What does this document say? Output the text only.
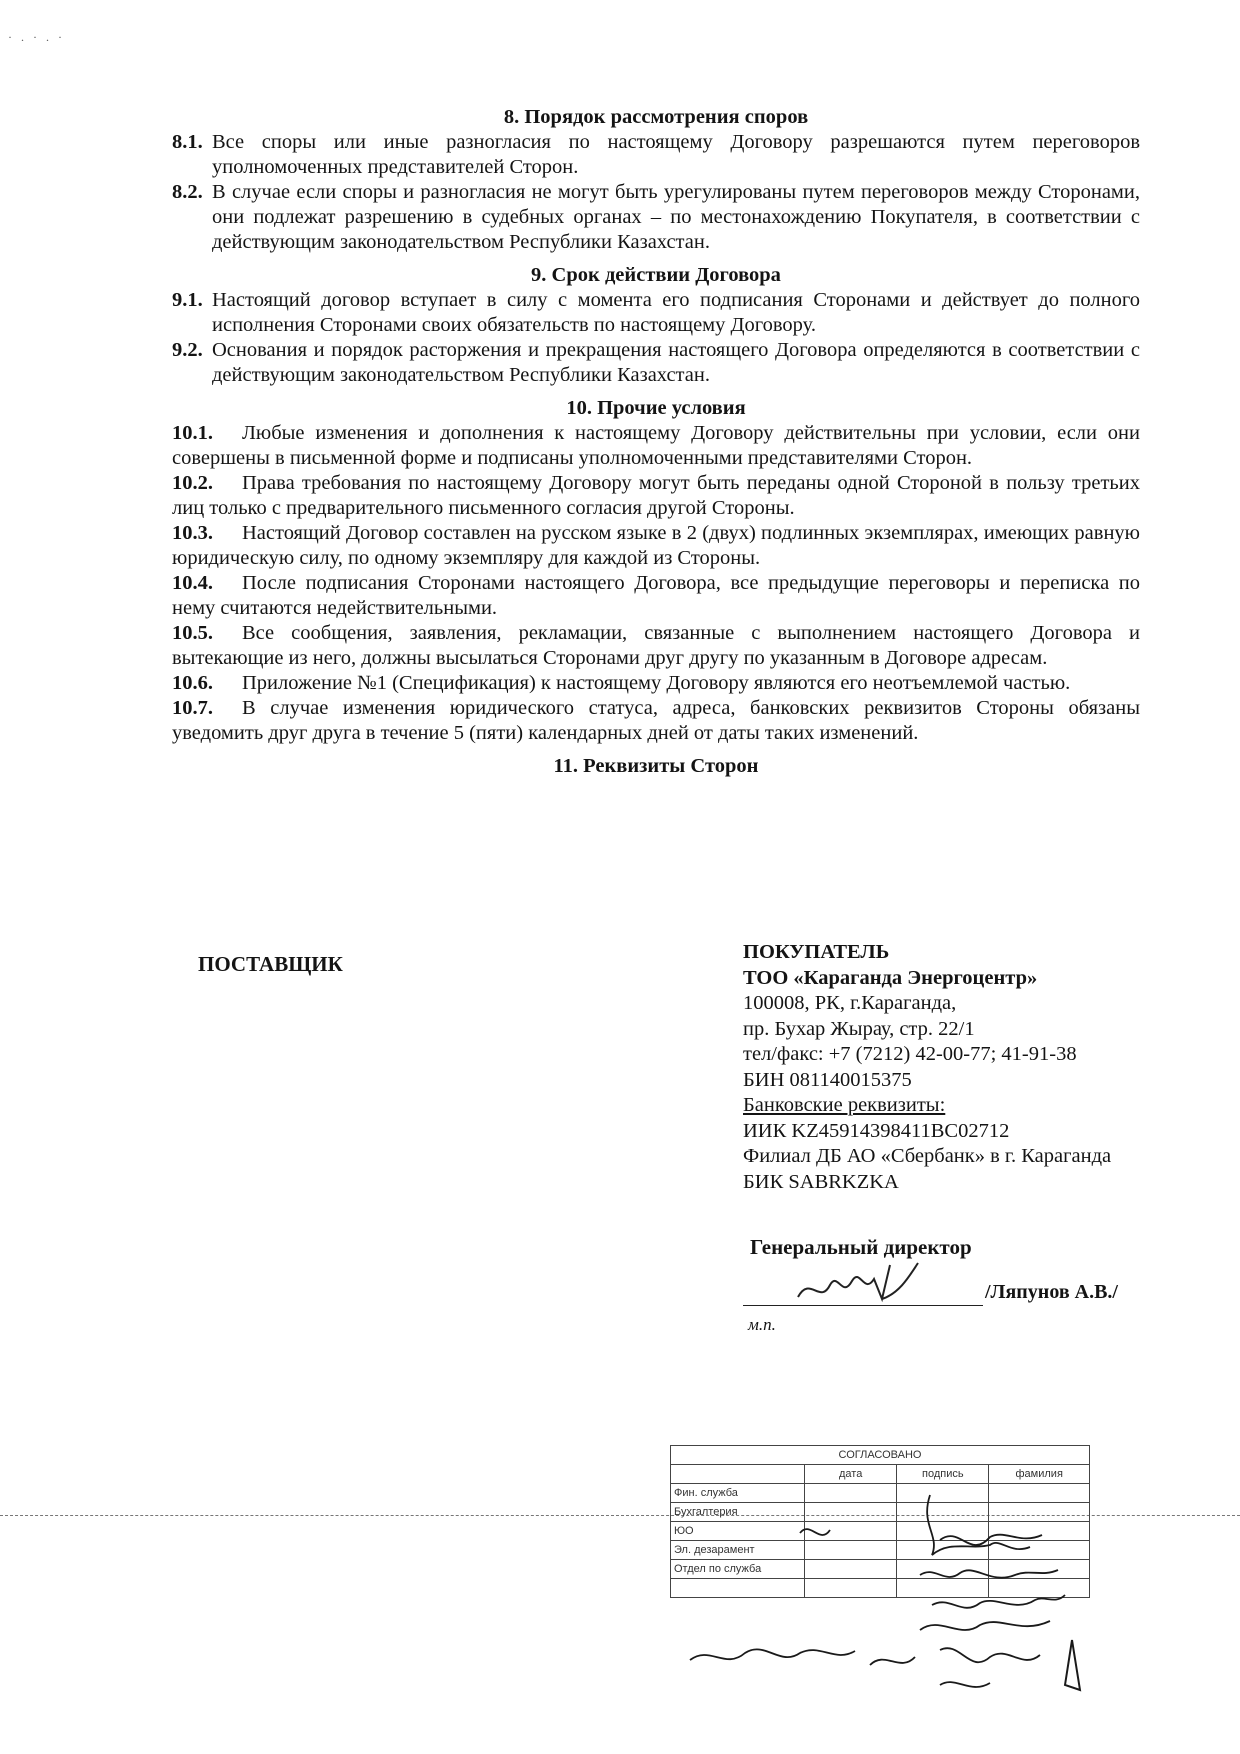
· . · . ·
8. Порядок рассмотрения споров
8.1. Все споры или иные разногласия по настоящему Договору разрешаются путем переговоров уполномоченных представителей Сторон.
8.2. В случае если споры и разногласия не могут быть урегулированы путем переговоров между Сторонами, они подлежат разрешению в судебных органах – по местонахождению Покупателя, в соответствии с действующим законодательством Республики Казахстан.
9. Срок действии Договора
9.1. Настоящий договор вступает в силу с момента его подписания Сторонами и действует до полного исполнения Сторонами своих обязательств по настоящему Договору.
9.2. Основания и порядок расторжения и прекращения настоящего Договора определяются в соответствии с действующим законодательством Республики Казахстан.
10. Прочие условия
10.1.	Любые изменения и дополнения к настоящему Договору действительны при условии, если они совершены в письменной форме и подписаны уполномоченными представителями Сторон.
10.2.	Права требования по настоящему Договору могут быть переданы одной Стороной в пользу третьих лиц только с предварительного письменного согласия другой Стороны.
10.3.	Настоящий Договор составлен на русском языке в 2 (двух) подлинных экземплярах, имеющих равную юридическую силу, по одному экземпляру для каждой из Стороны.
10.4.	После подписания Сторонами настоящего Договора, все предыдущие переговоры и переписка по нему считаются недействительными.
10.5.	Все сообщения, заявления, рекламации, связанные с выполнением настоящего Договора и вытекающие из него, должны высылаться Сторонами друг другу по указанным в Договоре адресам.
10.6.	Приложение №1 (Спецификация) к настоящему Договору являются его неотъемлемой частью.
10.7.	В случае изменения юридического статуса, адреса, банковских реквизитов Стороны обязаны уведомить друг друга в течение 5 (пяти) календарных дней от даты таких изменений.
11. Реквизиты Сторон
ПОСТАВЩИК	ПОКУПАТЕЛЬ
ТОО «Караганда Энергоцентр»
100008, РК, г.Караганда,
пр. Бухар Жырау, стр. 22/1
тел/факс: +7 (7212) 42-00-77; 41-91-38
БИН 081140015375
Банковские реквизиты:
ИИК KZ45914398411BC02712
Филиал ДБ АО «Сбербанк» в г. Караганда
БИК SABRKZKA
Генеральный директор
/Ляпунов А.В./
м.п.
СОГЛАСОВАНО			
	дата	подпись	фамилия
Фин. служба			
Бухгалтерия			
ЮО			
Эл. дезарамент			
Отдел по служба			
